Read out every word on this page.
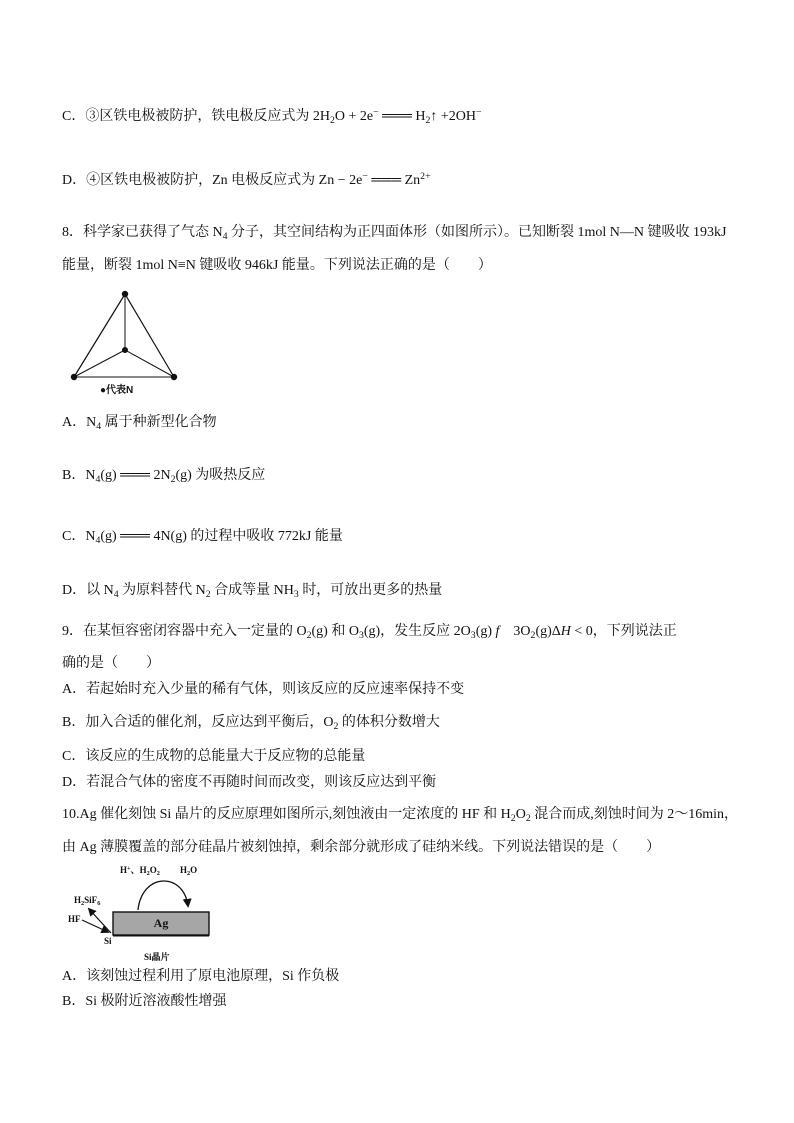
C．③区铁电极被防护，铁电极反应式为 $2H_2O + 2e^-$ ═══ $H_2↑ +2OH^-$
D．④区铁电极被防护，Zn 电极反应式为 Zn − 2e− ═══ $Zn^{2+}$
8．科学家已获得了气态 $N_4$ 分子，其空间结构为正四面体形（如图所示）。已知断裂 1mol N—N 键吸收 193kJ
能量，断裂 1mol N≡N 键吸收 946kJ 能量。下列说法正确的是（　　）
●代表N
A．$N_4$ 属于种新型化合物
B．$N_4(g)$ ═══ $2N_2(g)$ 为吸热反应
C．$N_4(g)$ ═══ 4N(g) 的过程中吸收 772kJ 能量
D．以 $N_4$ 为原料替代 $N_2$ 合成等量 $NH_3$ 时，可放出更多的热量
9．在某恒容密闭容器中充入一定量的 $O_2(g)$ 和 $O_3(g)$，发生反应 $2O_3(g)$ f　$3O_2(g)\Delta H < 0$，下列说法正
确的是（　　）
A．若起始时充入少量的稀有气体，则该反应的反应速率保持不变
B．加入合适的催化剂，反应达到平衡后，$O_2$ 的体积分数增大
C．该反应的生成物的总能量大于反应物的总能量
D．若混合气体的密度不再随时间而改变，则该反应达到平衡
10.Ag 催化刻蚀 Si 晶片的反应原理如图所示,刻蚀液由一定浓度的 HF 和 $H_2O_2$ 混合而成,刻蚀时间为 2～16min，
由 Ag 薄膜覆盖的部分硅晶片被刻蚀掉，剩余部分就形成了硅纳米线。下列说法错误的是（　　）
H+、$H_2O_2$ $H_2O$
$H_2SiF_6$
HF
Si
Ag
Si晶片
A．该刻蚀过程利用了原电池原理，Si 作负极
B．Si 极附近溶液酸性增强
